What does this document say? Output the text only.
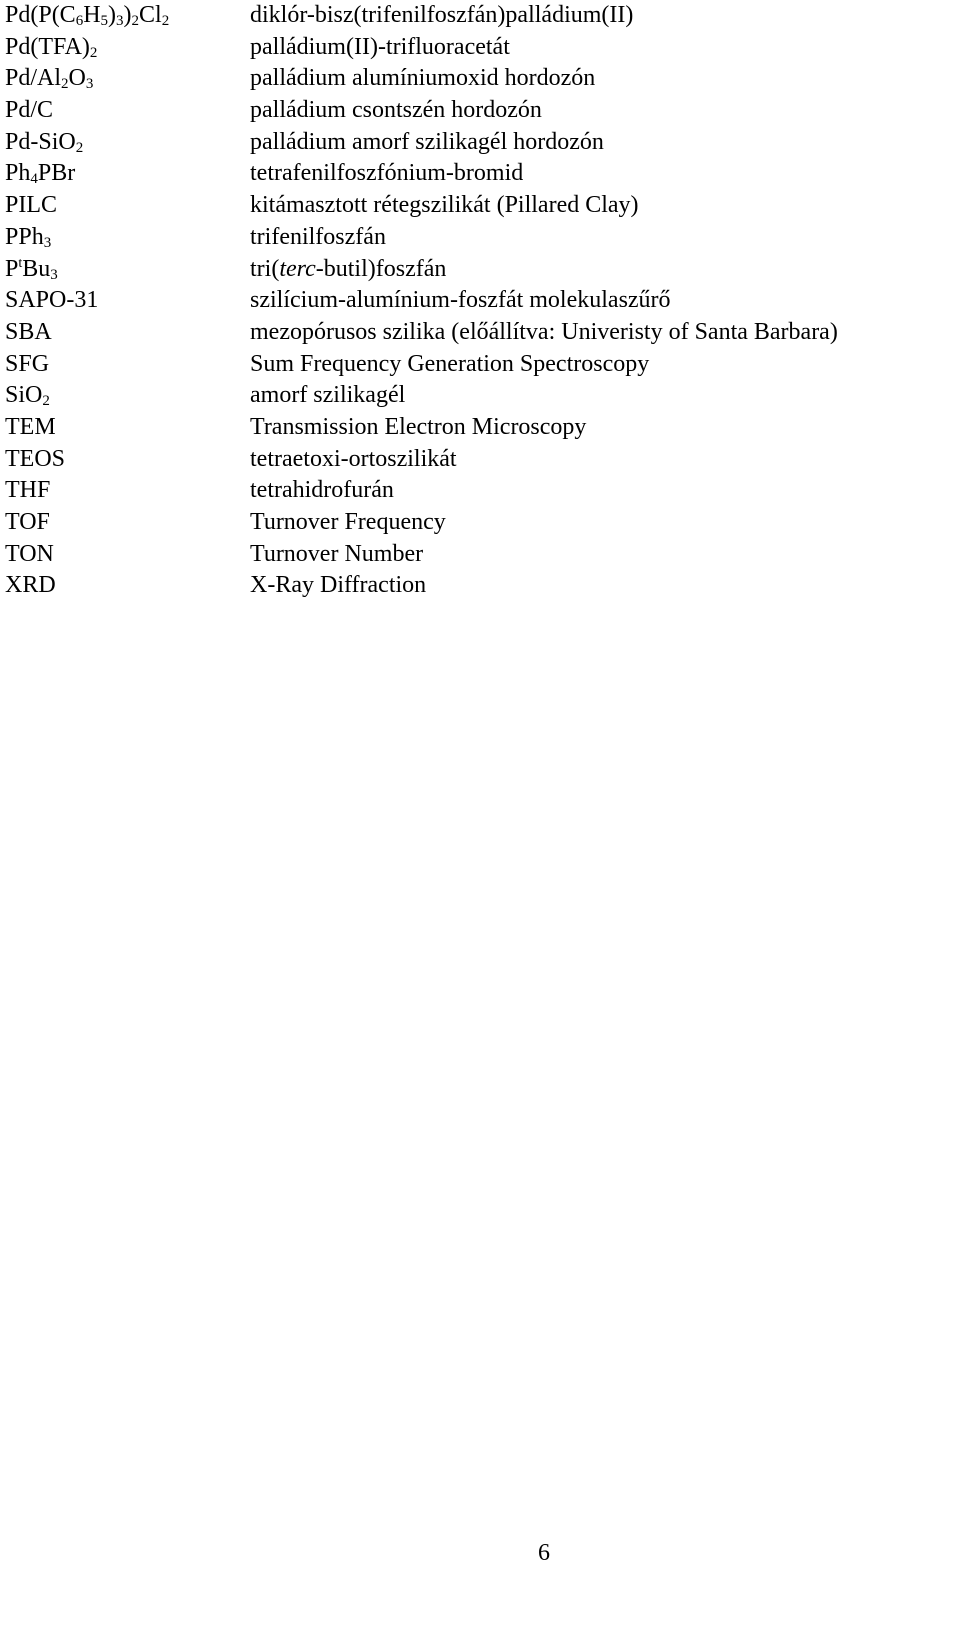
$Pd(P(C_6H_5)_3)_2Cl_2$	diklór-bisz(trifenilfoszfán)palládium(II)
$Pd(TFA)_2$	palládium(II)-trifluoracetát
$Pd/Al_2O_3$	palládium alumíniumoxid hordozón
Pd/C	palládium csontszén hordozón
Pd-SiO$_2$	palládium amorf szilikagél hordozón
$Ph_4PBr$	tetrafenilfoszfónium-bromid
PILC	kitámasztott rétegszilikát (Pillared Clay)
PPh$_3$	trifenilfoszfán
$P^tBu_3$	tri(terc-butil)foszfán
SAPO-31	szilícium-alumínium-foszfát molekulaszűrő
SBA	mezopórusos szilika (előállítva: Univeristy of Santa Barbara)
SFG	Sum Frequency Generation Spectroscopy
SiO$_2$	amorf szilikagél
TEM	Transmission Electron Microscopy
TEOS	tetraetoxi-ortoszilikát
THF	tetrahidrofurán
TOF	Turnover Frequency
TON	Turnover Number
XRD	X-Ray Diffraction
6
